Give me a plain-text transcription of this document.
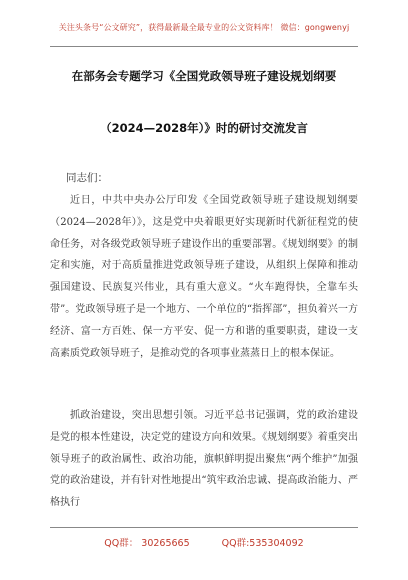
关注头条号“公文研究”，获得最新最全最专业的公文资料库！ 微信：gongwenyj
在部务会专题学习《全国党政领导班子建设规划纲要
（2024—2028年）》时的研讨交流发言
同志们：

近日，中共中央办公厅印发《全国党政领导班子建设规划纲要（2024—2028年）》，这是党中央着眼更好实现新时代新征程党的使命任务，对各级党政领导班子建设作出的重要部署。《规划纲要》的制定和实施，对于高质量推进党政领导班子建设，从组织上保障和推动强国建设、民族复兴伟业，具有重大意义。“火车跑得快，全靠车头带”。党政领导班子是一个地方、一个单位的“指挥部”，担负着兴一方经济、富一方百姓、保一方平安、促一方和谐的重要职责，建设一支高素质党政领导班子，是推动党的各项事业蒸蒸日上的根本保证。

抓政治建设，突出思想引领。习近平总书记强调，党的政治建设是党的根本性建设，决定党的建设方向和效果。《规划纲要》着重突出领导班子的政治属性、政治功能，旗帜鲜明提出聚焦“两个维护”加强党的政治建设，并有针对性地提出“筑牢政治忠诚、提高政治能力、严格执行

QQ群： 30265665	QQ群:535304092
